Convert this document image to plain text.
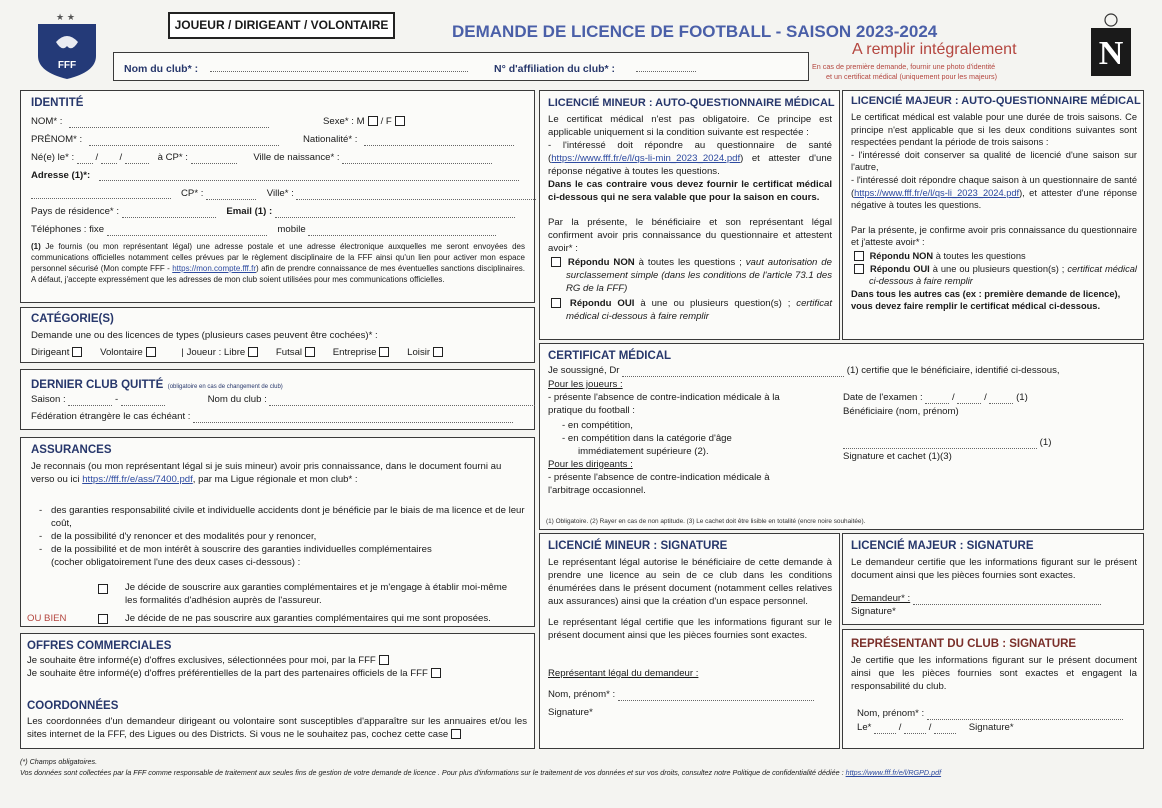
★ ★
FFF
JOUEUR / DIRIGEANT / VOLONTAIRE	DEMANDE DE LICENCE DE FOOTBALL - SAISON 2023-2024
A remplir intégralement
En cas de première demande, fournir une photo d'identité
et un certificat médical (uniquement pour les majeurs)
N
Nom du club* :	N° d'affiliation du club* :
IDENTITÉ
NOM* :	Sexe* : M / F
PRÉNOM* :	Nationalité* :
Né(e) le* : / /	à CP* :	Ville de naissance* :
Adresse (1)*:
CP* :	Ville* :
Pays de résidence* :	Email (1) :
Téléphones : fixe	mobile
(1) Je fournis (ou mon représentant légal) une adresse postale et une adresse électronique auxquelles me seront envoyées des communications officielles notamment celles prévues par le règlement disciplinaire de la FFF ainsi qu'un lien pour activer mon espace personnel sécurisé (Mon compte FFF - https://mon.compte.fff.fr) afin de prendre connaissance de mes éventuelles sanctions disciplinaires. A défaut, j'accepte expressément que les adresses de mon club soient utilisées pour mes communications officielles.
CATÉGORIE(S)
Demande une ou des licences de types (plusieurs cases peuvent être cochées)* :
Dirigeant	Volontaire	| Joueur : Libre	Futsal	Entreprise	Loisir
DERNIER CLUB QUITTÉ (obligatoire en cas de changement de club)
Saison :	-	Nom du club :
Fédération étrangère le cas échéant :
ASSURANCES
Je reconnais (ou mon représentant légal si je suis mineur) avoir pris connaissance, dans le document fourni au verso ou ici https://fff.fr/e/ass/7400.pdf, par ma Ligue régionale et mon club* :
- des garanties responsabilité civile et individuelle accidents dont je bénéficie par le biais de ma licence et de leur coût,
- de la possibilité d'y renoncer et des modalités pour y renoncer,
- de la possibilité et de mon intérêt à souscrire des garanties individuelles complémentaires
(cocher obligatoirement l'une des deux cases ci-dessous) :
Je décide de souscrire aux garanties complémentaires et je m'engage à établir moi-même
les formalités d'adhésion auprès de l'assureur.
OU BIEN	Je décide de ne pas souscrire aux garanties complémentaires qui me sont proposées.
OFFRES COMMERCIALES
Je souhaite être informé(e) d'offres exclusives, sélectionnées pour moi, par la FFF
Je souhaite être informé(e) d'offres préférentielles de la part des partenaires officiels de la FFF
COORDONNÉES
Les coordonnées d'un demandeur dirigeant ou volontaire sont susceptibles d'apparaître sur les annuaires et/ou les sites internet de la FFF, des Ligues ou des Districts. Si vous ne le souhaitez pas, cochez cette case
LICENCIÉ MINEUR : AUTO-QUESTIONNAIRE MÉDICAL
Le certificat médical n'est pas obligatoire. Ce principe est applicable uniquement si la condition suivante est respectée :
- l'intéressé doit répondre au questionnaire de santé (https://www.fff.fr/e/l/qs-li-min_2023_2024.pdf) et attester d'une réponse négative à toutes les questions.
Dans le cas contraire vous devez fournir le certificat médical ci-dessous qui ne sera valable que pour la saison en cours.
Par la présente, le bénéficiaire et son représentant légal confirment avoir pris connaissance du questionnaire et attestent avoir* :
Répondu NON à toutes les questions ; vaut autorisation de surclassement simple (dans les conditions de l'article 73.1 des RG de la FFF)
Répondu OUI à une ou plusieurs question(s) ; certificat médical ci-dessous à faire remplir
LICENCIÉ MAJEUR : AUTO-QUESTIONNAIRE MÉDICAL
Le certificat médical est valable pour une durée de trois saisons. Ce principe n'est applicable que si les deux conditions suivantes sont respectées pendant la période de trois saisons :
- l'intéressé doit conserver sa qualité de licencié d'une saison sur l'autre,
- l'intéressé doit répondre chaque saison à un questionnaire de santé (https://www.fff.fr/e/l/qs-li_2023_2024.pdf), et attester d'une réponse négative à toutes les questions.
Par la présente, je confirme avoir pris connaissance du questionnaire et j'atteste avoir* :
Répondu NON à toutes les questions
Répondu OUI à une ou plusieurs question(s) ; certificat médical ci-dessous à faire remplir
Dans tous les autres cas (ex : première demande de licence), vous devez faire remplir le certificat médical ci-dessous.
CERTIFICAT MÉDICAL
Je soussigné, Dr	(1) certifie que le bénéficiaire, identifié ci-dessous,
Pour les joueurs :
- présente l'absence de contre-indication médicale à la
pratique du football :
- en compétition,
- en compétition dans la catégorie d'âge
immédiatement supérieure (2).
Pour les dirigeants :
- présente l'absence de contre-indication médicale à
l'arbitrage occasionnel.
Date de l'examen :	/	/	(1)
Bénéficiaire (nom, prénom)
(1)
Signature et cachet (1)(3)
(1) Obligatoire. (2) Rayer en cas de non aptitude. (3) Le cachet doit être lisible en totalité (encre noire souhaitée).
LICENCIÉ MINEUR : SIGNATURE
Le représentant légal autorise le bénéficiaire de cette demande à prendre une licence au sein de ce club dans les conditions énumérées dans le présent document (notamment celles relatives aux assurances) ainsi que la création d'un espace personnel.
Le représentant légal certifie que les informations figurant sur le présent document ainsi que les pièces fournies sont exactes.
Représentant légal du demandeur :
Nom, prénom* :
Signature*
LICENCIÉ MAJEUR : SIGNATURE
Le demandeur certifie que les informations figurant sur le présent document ainsi que les pièces fournies sont exactes.
Demandeur* :
Signature*
REPRÉSENTANT DU CLUB : SIGNATURE
Je certifie que les informations figurant sur le présent document ainsi que les pièces fournies sont exactes et engagent la responsabilité du club.
Nom, prénom* :
Le*	/	/	Signature*
(*) Champs obligatoires.
Vos données sont collectées par la FFF comme responsable de traitement aux seules fins de gestion de votre demande de licence . Pour plus d'informations sur le traitement de vos données et sur vos droits, consultez notre Politique de confidentialité dédiée : https://www.fff.fr/e/l/RGPD.pdf
